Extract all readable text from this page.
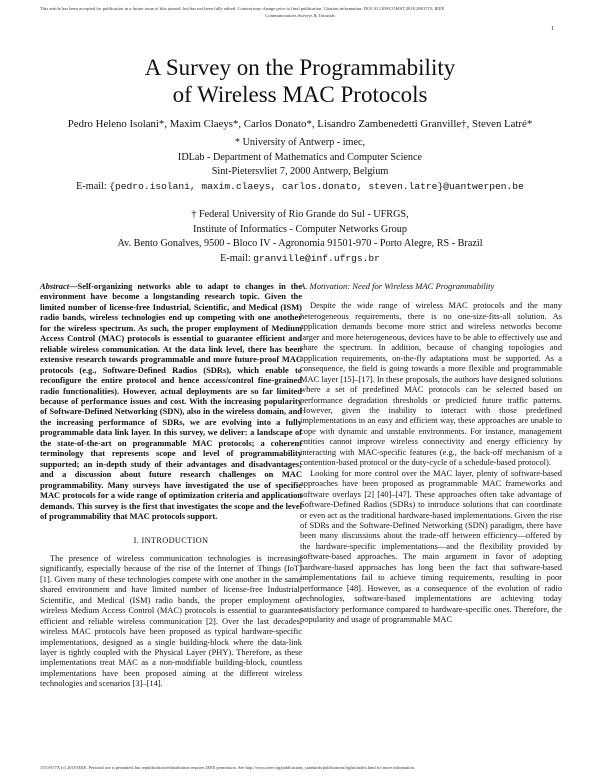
This article has been accepted for publication in a future issue of this journal, but has not been fully edited. Content may change prior to final publication. Citation information: DOI 10.1109/COMST.2018.2881715, IEEE
Communications Surveys & Tutorials
1
A Survey on the Programmability
of Wireless MAC Protocols
Pedro Heleno Isolani*, Maxim Claeys*, Carlos Donato*, Lisandro Zambenedetti Granville†, Steven Latré*

* University of Antwerp - imec,

IDLab - Department of Mathematics and Computer Science

Sint-Pietersvliet 7, 2000 Antwerp, Belgium

E-mail: {pedro.isolani, maxim.claeys, carlos.donato, steven.latre}@uantwerpen.be

† Federal University of Rio Grande do Sul - UFRGS,

Institute of Informatics - Computer Networks Group

Av. Bento Gonalves, 9500 - Bloco IV - Agronomia 91501-970 - Porto Alegre, RS - Brazil

E-mail: granville@inf.ufrgs.br

Abstract—Self-organizing networks able to adapt to changes in the environment have become a longstanding research topic. Given the limited number of license-free Industrial, Scientific, and Medical (ISM) radio bands, wireless technologies end up competing with one another for the wireless spectrum. As such, the proper employment of Medium Access Control (MAC) protocols is essential to guarantee efficient and reliable wireless communication. At the data link level, there has been extensive research towards programmable and more future-proof MAC protocols (e.g., Software-Defined Radios (SDRs), which enable to reconfigure the entire protocol and hence access/control fine-grained radio functionalities). However, actual deployments are so far limited because of performance issues and cost. With the increasing popularity of Software-Defined Networking (SDN), also in the wireless domain, and the increasing performance of SDRs, we are evolving into a fully programmable data link layer. In this survey, we deliver: a landscape of the state-of-the-art on programmable MAC protocols; a coherent terminology that represents scope and level of programmability supported; an in-depth study of their advantages and disadvantages; and a discussion about future research challenges on MAC programmability. Many surveys have investigated the use of specific MAC protocols for a wide range of optimization criteria and application demands. This survey is the first that investigates the scope and the level of programmability that MAC protocols support.

I. INTRODUCTION

The presence of wireless communication technologies is increasing significantly, especially because of the rise of the Internet of Things (IoT) [1]. Given many of these technologies compete with one another in the same shared environment and have limited number of license-free Industrial, Scientific, and Medical (ISM) radio bands, the proper employment of wireless Medium Access Control (MAC) protocols is essential to guarantee efficient and reliable wireless communication [2]. Over the last decades, wireless MAC protocols have been proposed as typical hardware-specific implementations, designed as a single building-block where the data-link layer is tightly coupled with the Physical Layer (PHY). Therefore, as these implementations treat MAC as a non-modifiable building-block, countless implementations have been proposed aiming at the different wireless technologies and scenarios [3]–[14].

A. Motivation: Need for Wireless MAC Programmability

Despite the wide range of wireless MAC protocols and the many heterogeneous requirements, there is no one-size-fits-all solution. As application demands become more strict and wireless networks become larger and more heterogeneous, devices have to be able to effectively use and share the spectrum. In addition, because of changing topologies and application requirements, on-the-fly adaptations must be supported. As a consequence, the field is going towards a more flexible and programmable MAC layer [15]–[17]. In these proposals, the authors have designed solutions where a set of predefined MAC protocols can be selected based on performance degradation thresholds or predicted future traffic patterns. However, given the inability to interact with those predefined implementations in an easy and efficient way, these approaches are unable to cope with dynamic and unstable environments. For instance, management entities cannot improve wireless connectivity and energy efficiency by interacting with MAC-specific features (e.g., the back-off mechanism of a contention-based protocol or the duty-cycle of a schedule-based protocol).

Looking for more control over the MAC layer, plenty of software-based approaches have been proposed as programmable MAC frameworks and software overlays [2] [40]–[47]. These approaches often take advantage of Software-Defined Radios (SDRs) to introduce solutions that can coordinate or even act as the traditional hardware-based implementations. Given the rise of SDRs and the Software-Defined Networking (SDN) paradigm, there have been many discussions about the trade-off between efficiency—offered by the hardware-specific implementations—and the flexibility provided by software-based approaches. The main argument in favor of adopting hardware-based approaches has long been the fact that software-based implementations fail to achieve timing requirements, resulting in poor performance [48]. However, as a consequence of the evolution of radio technologies, software-based implementations are achieving today satisfactory performance compared to hardware-specific ones. Therefore, the popularity and usage of programmable MAC

1553-877X (c) 2018 IEEE. Personal use is permitted, but republication/redistribution requires IEEE permission. See http://www.ieee.org/publications_standards/publications/rights/index.html for more information.
